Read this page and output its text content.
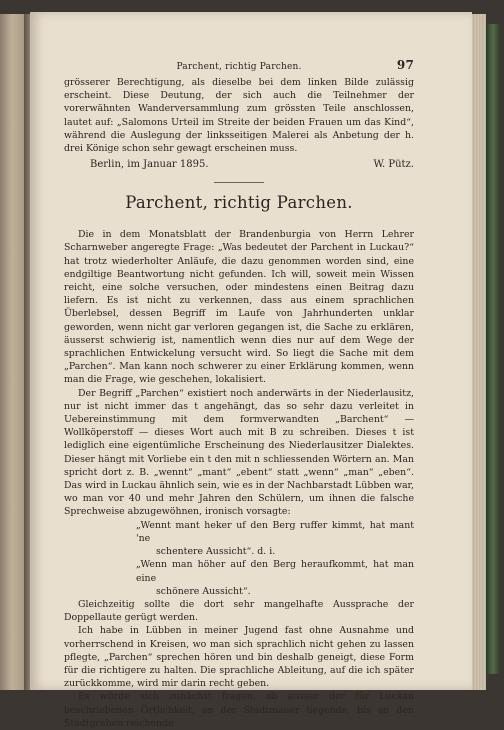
Parchent, richtig Parchen.	97

grösserer Berechtigung, als dieselbe bei dem linken Bilde zulässig erscheint. Diese Deutung, der sich auch die Teilnehmer der vorerwähnten Wanderversammlung zum grössten Teile anschlossen, lautet auf: „Salomons Urteil im Streite der beiden Frauen um das Kind“, während die Auslegung der linksseitigen Malerei als Anbetung der h. drei Könige schon sehr gewagt erscheinen muss.

Berlin, im Januar 1895.	W. Pütz.
Parchent, richtig Parchen.

Die in dem Monatsblatt der Brandenburgia von Herrn Lehrer Scharnweber angeregte Frage: „Was bedeutet der Parchent in Luckau?“ hat trotz wiederholter Anläufe, die dazu genommen worden sind, eine endgiltige Beantwortung nicht gefunden. Ich will, soweit mein Wissen reicht, eine solche versuchen, oder mindestens einen Beitrag dazu liefern. Es ist nicht zu verkennen, dass aus einem sprachlichen Überlebsel, dessen Begriff im Laufe von Jahrhunderten unklar geworden, wenn nicht gar verloren gegangen ist, die Sache zu erklären, äusserst schwierig ist, namentlich wenn dies nur auf dem Wege der sprachlichen Entwickelung versucht wird. So liegt die Sache mit dem „Parchen“. Man kann noch schwerer zu einer Erklärung kommen, wenn man die Frage, wie geschehen, lokalisiert.

Der Begriff „Parchen“ existiert noch anderwärts in der Niederlausitz, nur ist nicht immer das t angehängt, das so sehr dazu verleitet in Uebereinstimmung mit dem formverwandten „Barchent“ — Wollköperstoff — dieses Wort auch mit B zu schreiben. Dieses t ist lediglich eine eigentümliche Erscheinung des Niederlausitzer Dialektes. Dieser hängt mit Vorliebe ein t den mit n schliessenden Wörtern an. Man spricht dort z. B. „wennt“ „mant“ „ebent“ statt „wenn“ „man“ „eben“. Das wird in Luckau ähnlich sein, wie es in der Nachbarstadt Lübben war, wo man vor 40 und mehr Jahren den Schülern, um ihnen die falsche Sprechweise abzugewöhnen, ironisch vorsagte:

„Wennt mant heker uf den Berg ruffer kimmt, hat mant 'ne

schentere Aussicht“. d. i.

„Wenn man höher auf den Berg heraufkommt, hat man eine

schönere Aussicht“.

Gleichzeitig sollte die dort sehr mangelhafte Aussprache der Doppellaute gerügt werden.

Ich habe in Lübben in meiner Jugend fast ohne Ausnahme und vorherrschend in Kreisen, wo man sich sprachlich nicht gehen zu lassen pflegte, „Parchen“ sprechen hören und bin deshalb geneigt, diese Form für die richtigere zu halten. Die sprachliche Ableitung, auf die ich später zurückkomme, wird mir darin recht geben.

Es würde sich zunächst fragen, ob ausser der für Luckau beschriebenen Örtlichkeit, an der Stadtmauer liegende, bis an den Stadtgraben reichende
